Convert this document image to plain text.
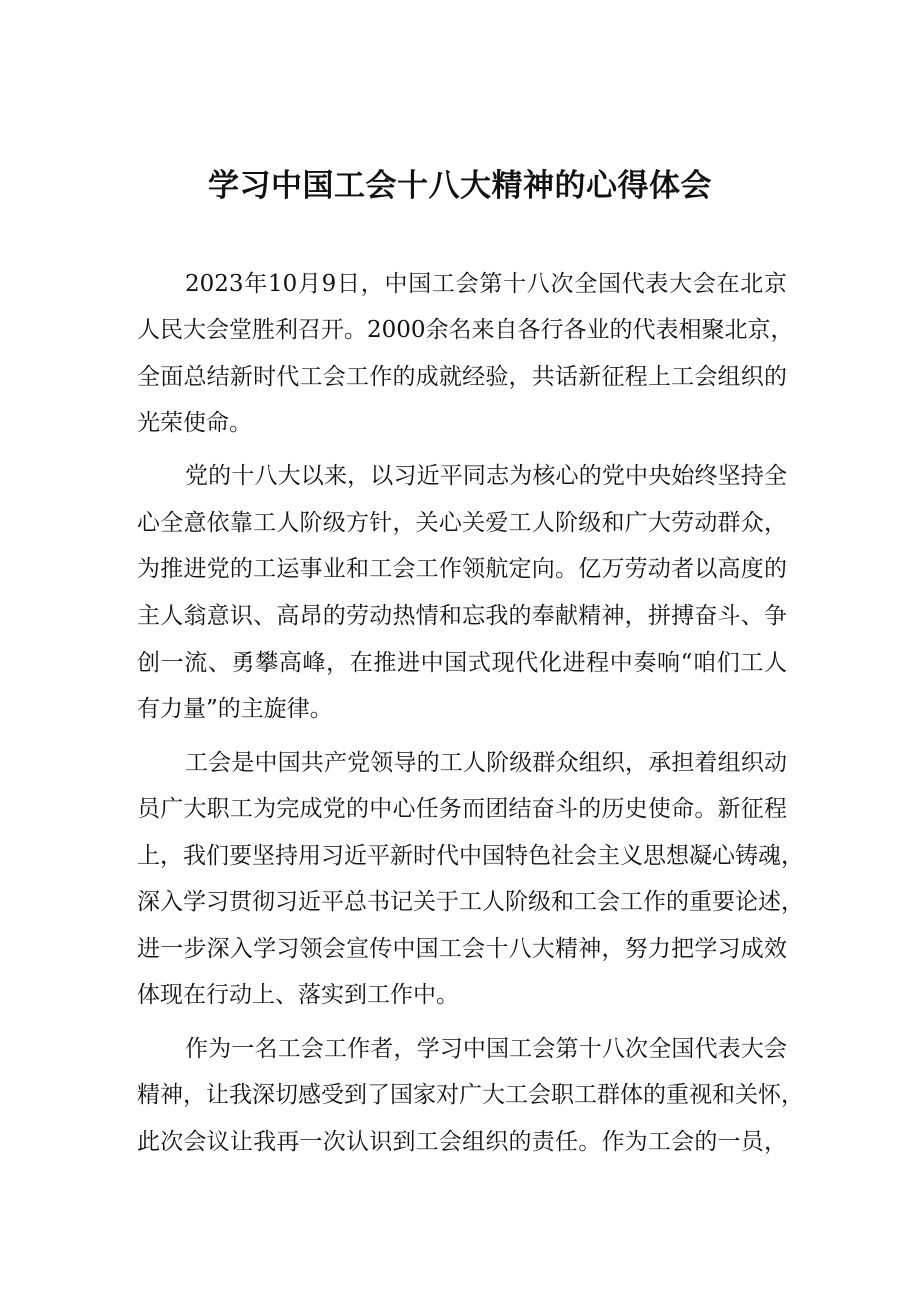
学习中国工会十八大精神的心得体会
2023年10月9日，中国工会第十八次全国代表大会在北京
人民大会堂胜利召开。2000余名来自各行各业的代表相聚北京，
全面总结新时代工会工作的成就经验，共话新征程上工会组织的
光荣使命。
党的十八大以来，以习近平同志为核心的党中央始终坚持全
心全意依靠工人阶级方针，关心关爱工人阶级和广大劳动群众，
为推进党的工运事业和工会工作领航定向。亿万劳动者以高度的
主人翁意识、高昂的劳动热情和忘我的奉献精神，拼搏奋斗、争
创一流、勇攀高峰，在推进中国式现代化进程中奏响“咱们工人
有力量”的主旋律。
工会是中国共产党领导的工人阶级群众组织，承担着组织动
员广大职工为完成党的中心任务而团结奋斗的历史使命。新征程
上，我们要坚持用习近平新时代中国特色社会主义思想凝心铸魂，
深入学习贯彻习近平总书记关于工人阶级和工会工作的重要论述，
进一步深入学习领会宣传中国工会十八大精神，努力把学习成效
体现在行动上、落实到工作中。
作为一名工会工作者，学习中国工会第十八次全国代表大会
精神，让我深切感受到了国家对广大工会职工群体的重视和关怀，
此次会议让我再一次认识到工会组织的责任。作为工会的一员，
